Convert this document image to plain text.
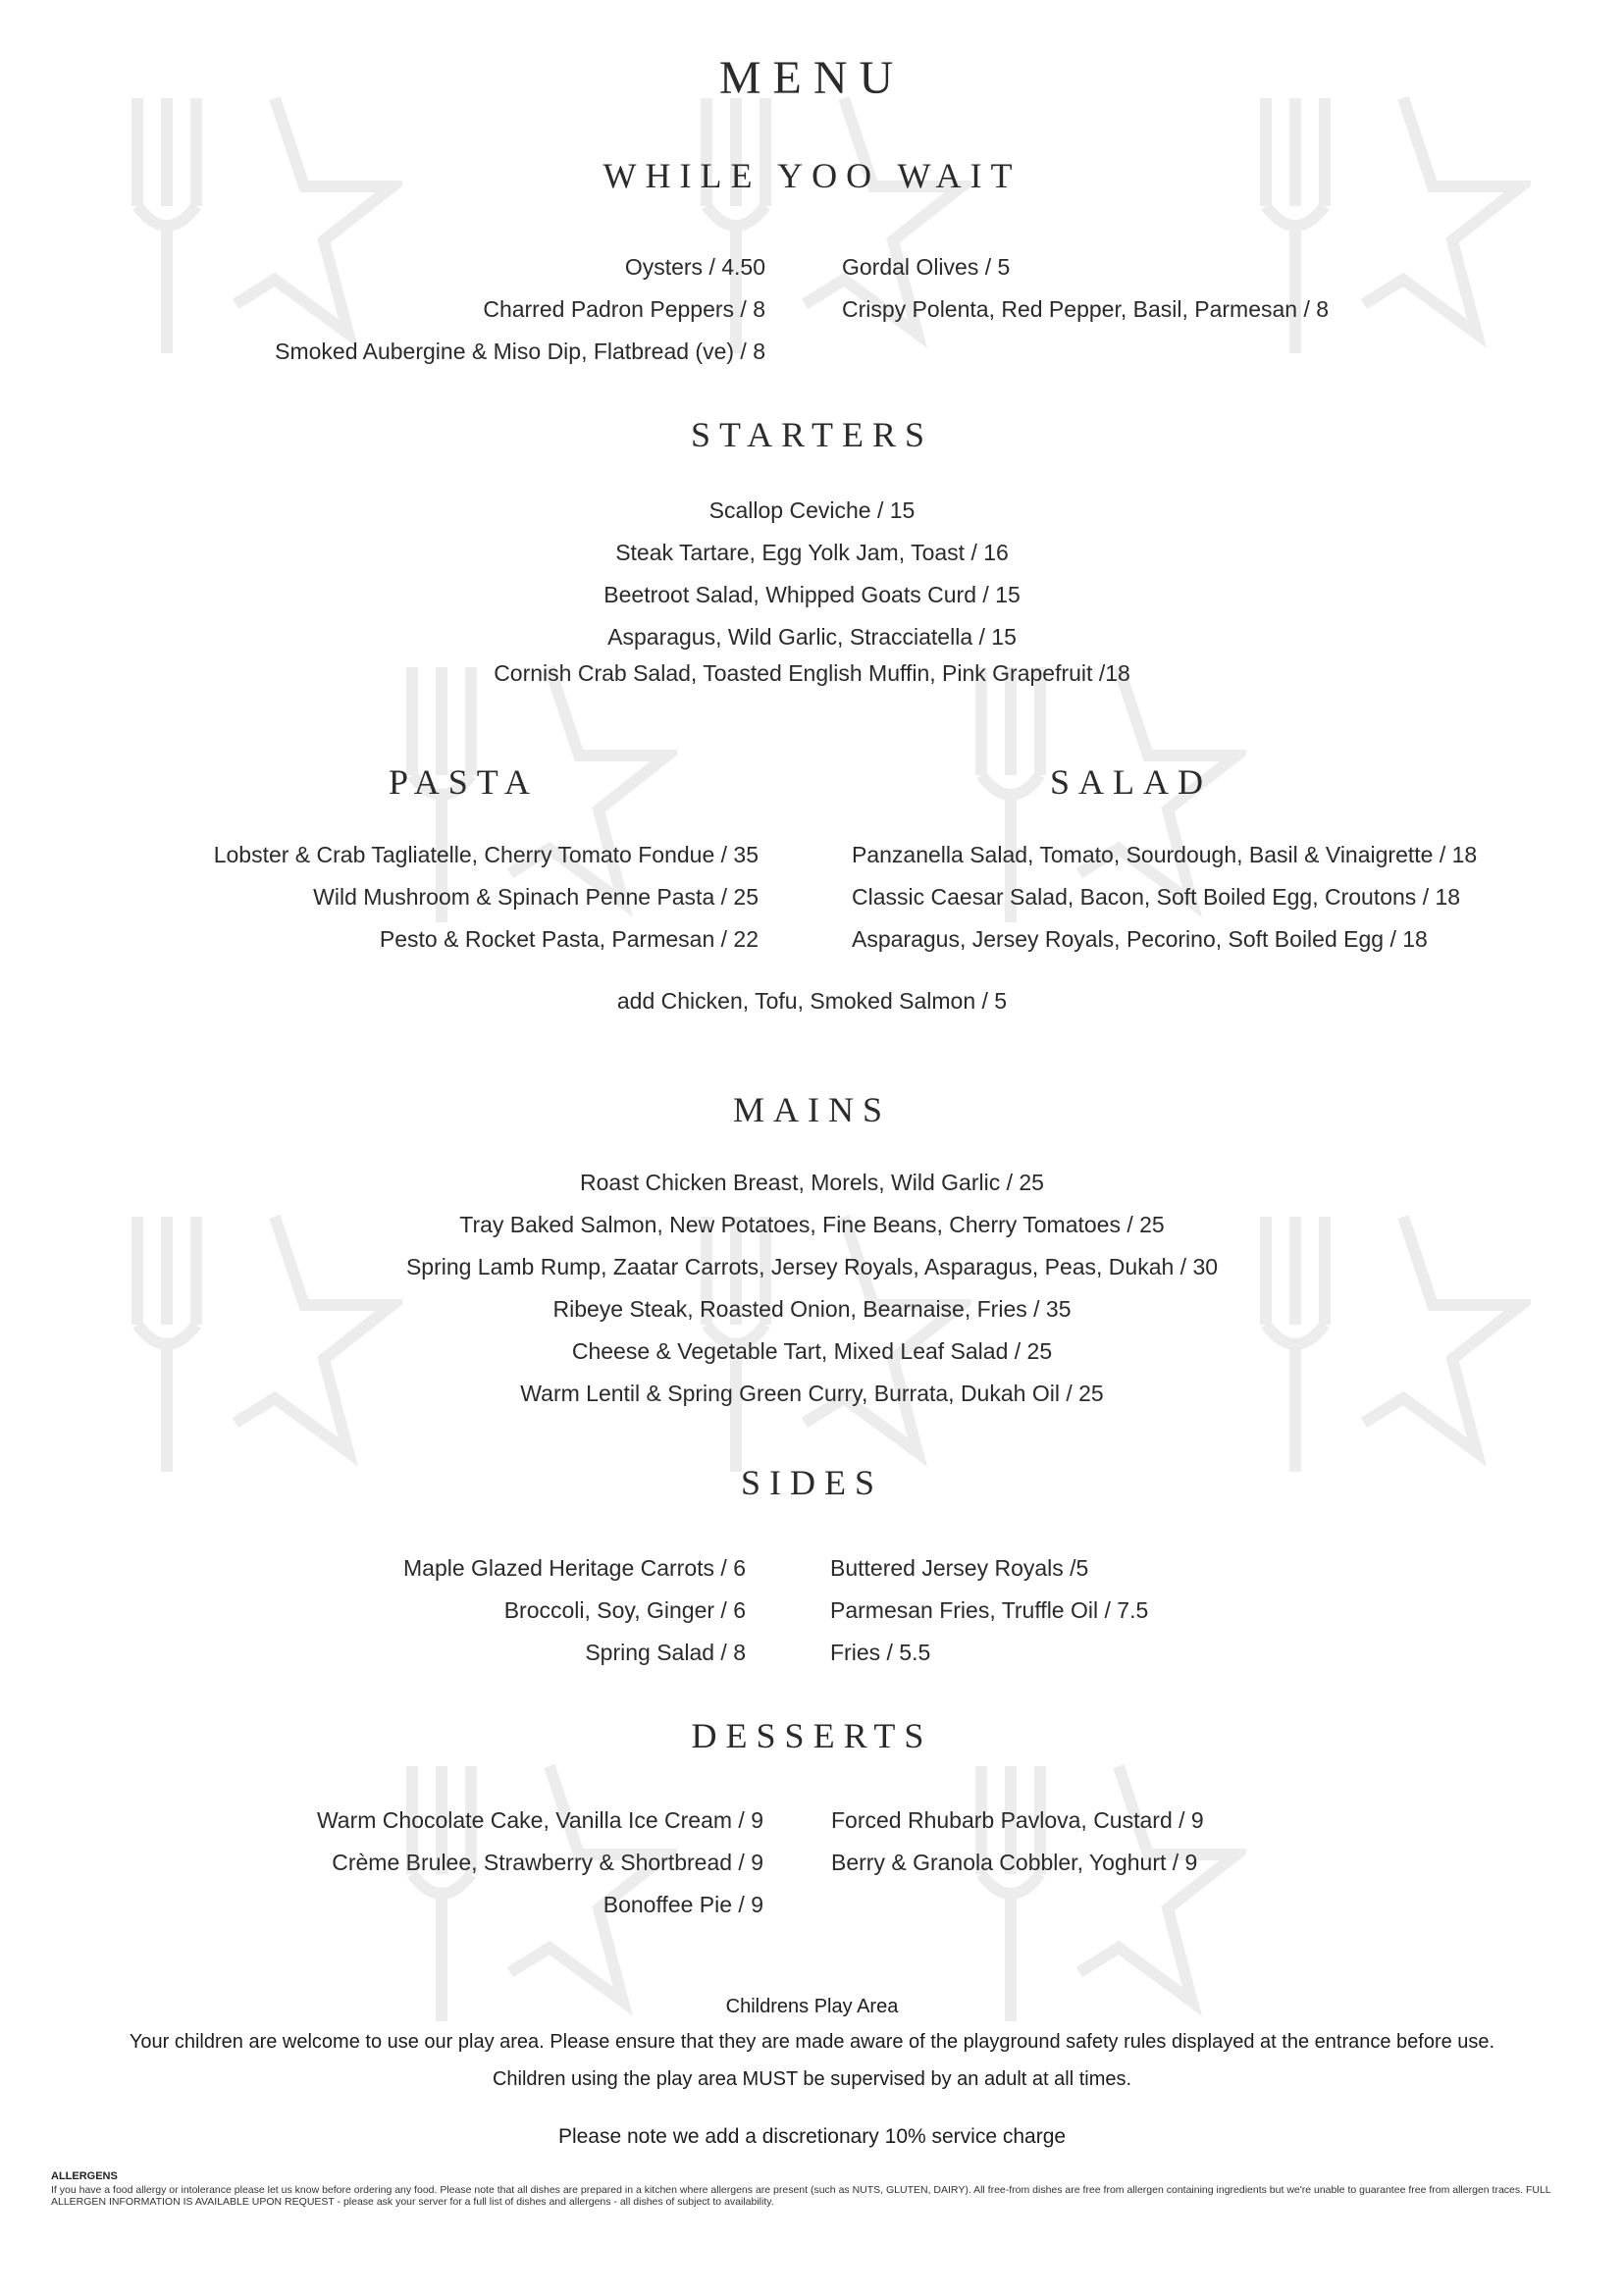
MENU
WHILE YOO WAIT
Oysters / 4.50
Charred Padron Peppers / 8
Smoked Aubergine & Miso Dip, Flatbread (ve) / 8
Gordal Olives / 5
Crispy Polenta, Red Pepper, Basil, Parmesan / 8
STARTERS
Scallop Ceviche / 15
Steak Tartare, Egg Yolk Jam, Toast / 16
Beetroot Salad, Whipped Goats Curd / 15
Asparagus, Wild Garlic, Stracciatella / 15
Cornish Crab Salad, Toasted English Muffin, Pink Grapefruit /18
PASTA
Lobster & Crab Tagliatelle, Cherry Tomato Fondue / 35
Wild Mushroom & Spinach Penne Pasta / 25
Pesto & Rocket Pasta, Parmesan / 22
SALAD
Panzanella Salad, Tomato, Sourdough, Basil & Vinaigrette / 18
Classic Caesar Salad, Bacon, Soft Boiled Egg, Croutons / 18
Asparagus, Jersey Royals, Pecorino, Soft Boiled Egg / 18
add Chicken, Tofu, Smoked Salmon / 5
MAINS
Roast Chicken Breast, Morels, Wild Garlic / 25
Tray Baked Salmon, New Potatoes, Fine Beans, Cherry Tomatoes / 25
Spring Lamb Rump, Zaatar Carrots, Jersey Royals, Asparagus, Peas, Dukah / 30
Ribeye Steak, Roasted Onion, Bearnaise, Fries / 35
Cheese & Vegetable Tart, Mixed Leaf Salad / 25
Warm Lentil & Spring Green Curry, Burrata, Dukah Oil / 25
SIDES
Maple Glazed Heritage Carrots / 6
Broccoli, Soy, Ginger / 6
Spring Salad / 8
Buttered Jersey Royals /5
Parmesan Fries, Truffle Oil / 7.5
Fries / 5.5
DESSERTS
Warm Chocolate Cake, Vanilla Ice Cream / 9
Crème Brulee, Strawberry & Shortbread / 9
Bonoffee Pie / 9
Forced Rhubarb Pavlova, Custard / 9
Berry & Granola Cobbler, Yoghurt / 9
Childrens Play Area
Your children are welcome to use our play area. Please ensure that they are made aware of the playground safety rules displayed at the entrance before use.
Children using the play area MUST be supervised by an adult at all times.
Please note we add a discretionary 10% service charge
ALLERGENS
If you have a food allergy or intolerance please let us know before ordering any food. Please note that all dishes are prepared in a kitchen where allergens are present (such as NUTS, GLUTEN, DAIRY). All free-from dishes are free from allergen containing ingredients but we're unable to guarantee free from allergen traces. FULL ALLERGEN INFORMATION IS AVAILABLE UPON REQUEST - please ask your server for a full list of dishes and allergens - all dishes of subject to availability.
